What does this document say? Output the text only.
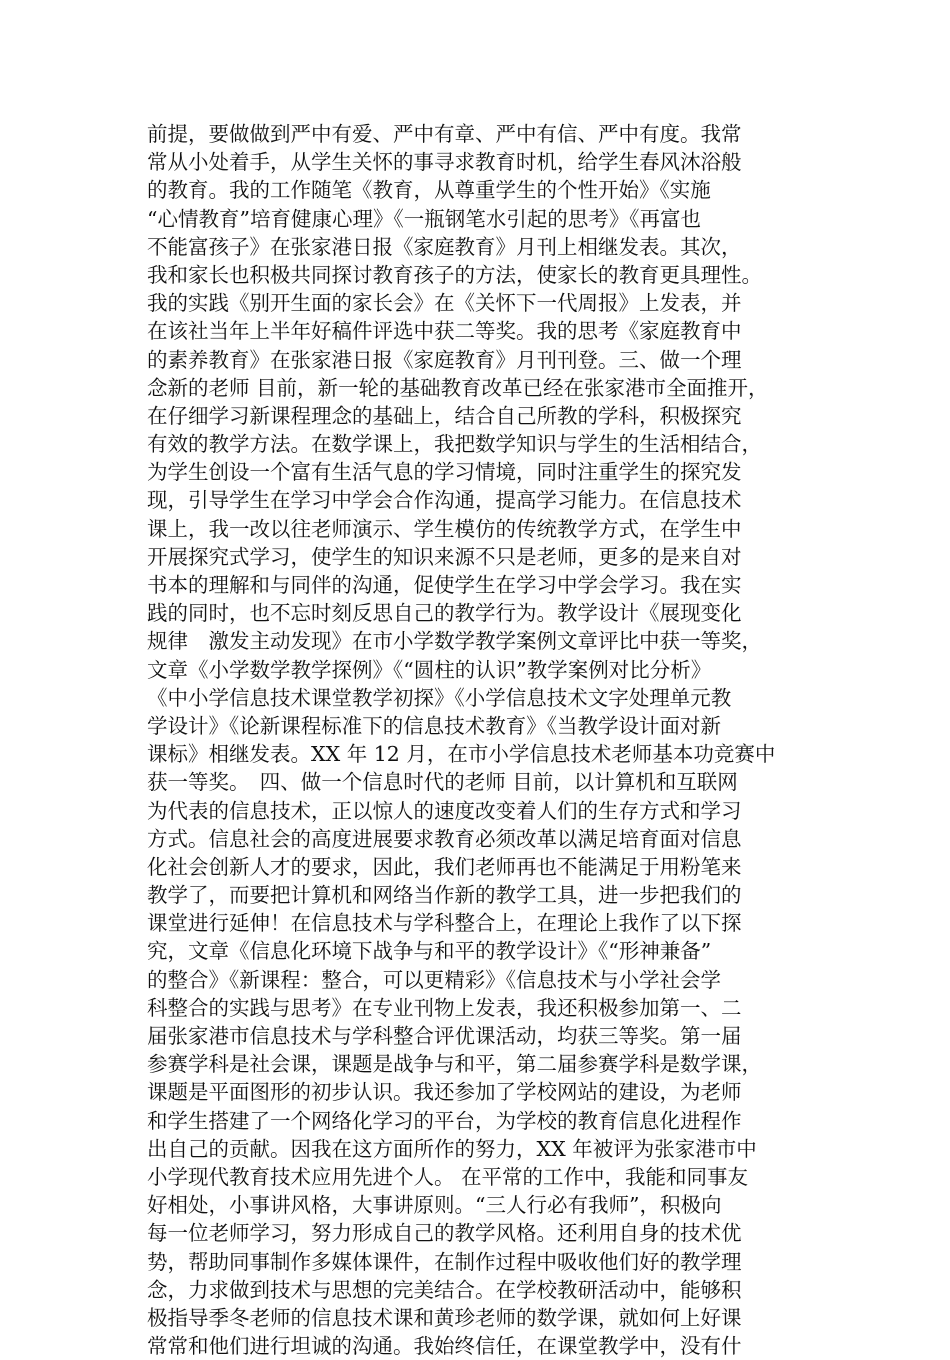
前提，要做做到严中有爱、严中有章、严中有信、严中有度。我常
常从小处着手，从学生关怀的事寻求教育时机，给学生春风沐浴般
的教育。我的工作随笔《教育，从尊重学生的个性开始》《实施
“心情教育”培育健康心理》《一瓶钢笔水引起的思考》《再富也
不能富孩子》在张家港日报《家庭教育》月刊上相继发表。其次，
我和家长也积极共同探讨教育孩子的方法，使家长的教育更具理性。
我的实践《别开生面的家长会》在《关怀下一代周报》上发表，并
在该社当年上半年好稿件评选中获二等奖。我的思考《家庭教育中
的素养教育》在张家港日报《家庭教育》月刊刊登。三、做一个理
念新的老师 目前，新一轮的基础教育改革已经在张家港市全面推开，
在仔细学习新课程理念的基础上，结合自己所教的学科，积极探究
有效的教学方法。在数学课上，我把数学知识与学生的生活相结合，
为学生创设一个富有生活气息的学习情境，同时注重学生的探究发
现，引导学生在学习中学会合作沟通，提高学习能力。在信息技术
课上，我一改以往老师演示、学生模仿的传统教学方式，在学生中
开展探究式学习，使学生的知识来源不只是老师，更多的是来自对
书本的理解和与同伴的沟通，促使学生在学习中学会学习。我在实
践的同时，也不忘时刻反思自己的教学行为。教学设计《展现变化
规律　激发主动发现》在市小学数学教学案例文章评比中获一等奖，
文章《小学数学教学探例》《“圆柱的认识”教学案例对比分析》
《中小学信息技术课堂教学初探》《小学信息技术文字处理单元教
学设计》《论新课程标准下的信息技术教育》《当教学设计面对新
课标》相继发表。XX 年 12 月，在市小学信息技术老师基本功竞赛中
获一等奖。　四、做一个信息时代的老师 目前，以计算机和互联网
为代表的信息技术，正以惊人的速度改变着人们的生存方式和学习
方式。信息社会的高度进展要求教育必须改革以满足培育面对信息
化社会创新人才的要求，因此，我们老师再也不能满足于用粉笔来
教学了，而要把计算机和网络当作新的教学工具，进一步把我们的
课堂进行延伸！在信息技术与学科整合上，在理论上我作了以下探
究，文章《信息化环境下战争与和平的教学设计》《“形神兼备”
的整合》《新课程：整合，可以更精彩》《信息技术与小学社会学
科整合的实践与思考》在专业刊物上发表，我还积极参加第一、二
届张家港市信息技术与学科整合评优课活动，均获三等奖。第一届
参赛学科是社会课，课题是战争与和平，第二届参赛学科是数学课，
课题是平面图形的初步认识。我还参加了学校网站的建设，为老师
和学生搭建了一个网络化学习的平台，为学校的教育信息化进程作
出自己的贡献。因我在这方面所作的努力，XX 年被评为张家港市中
小学现代教育技术应用先进个人。 在平常的工作中，我能和同事友
好相处，小事讲风格，大事讲原则。“三人行必有我师”，积极向
每一位老师学习，努力形成自己的教学风格。还利用自身的技术优
势，帮助同事制作多媒体课件，在制作过程中吸收他们好的教学理
念，力求做到技术与思想的完美结合。在学校教研活动中，能够积
极指导季冬老师的信息技术课和黄珍老师的数学课，就如何上好课
常常和他们进行坦诚的沟通。我始终信任，在课堂教学中，没有什
